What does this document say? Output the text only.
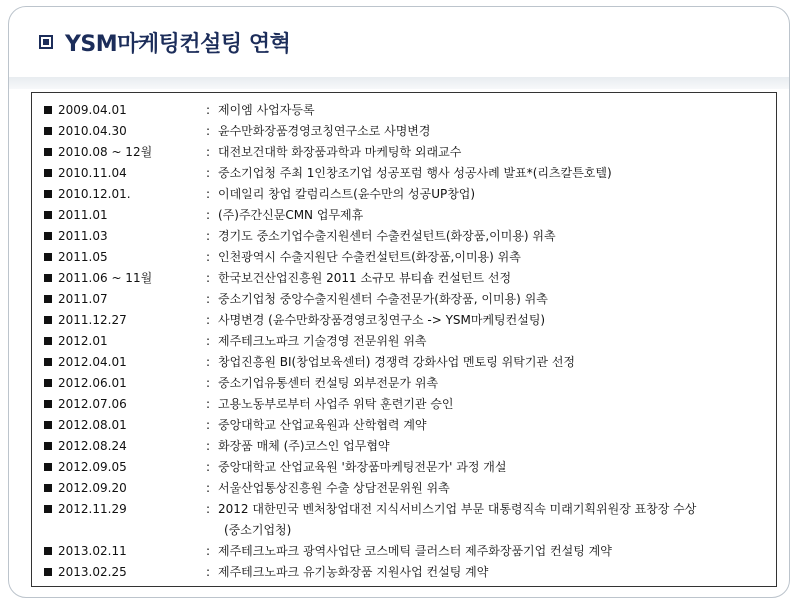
YSM마케팅컨설팅 연혁
2009.04.01	: 제이엠 사업자등록
2010.04.30	: 윤수만화장품경영코칭연구소로 사명변경
2010.08 ~ 12월	: 대전보건대학 화장품과학과 마케팅학 외래교수
2010.11.04	: 중소기업청 주최 1인창조기업 성공포럼 행사 성공사례 발표*(리츠칼튼호텔)
2010.12.01.	: 이데일리 창업 칼럼리스트(윤수만의 성공UP창업)
2011.01	: (주)주간신문CMN 업무제휴
2011.03	: 경기도 중소기업수출지원센터 수출컨설턴트(화장품,이미용) 위촉
2011.05	: 인천광역시 수출지원단 수출컨설턴트(화장품,이미용) 위촉
2011.06 ~ 11월	: 한국보건산업진흥원 2011 소규모 뷰티숍 컨설턴트 선정
2011.07	: 중소기업청 중앙수출지원센터 수출전문가(화장품, 이미용) 위촉
2011.12.27	: 사명변경 (윤수만화장품경영코칭연구소 -> YSM마케팅컨설팅)
2012.01	: 제주테크노파크 기술경영 전문위원 위촉
2012.04.01	: 창업진흥원 BI(창업보육센터) 경쟁력 강화사업 멘토링 위탁기관 선정
2012.06.01	: 중소기업유통센터 컨설팅 외부전문가 위촉
2012.07.06	: 고용노동부로부터 사업주 위탁 훈련기관 승인
2012.08.01	: 중앙대학교 산업교육원과 산학협력 계약
2012.08.24	: 화장품 매체 (주)코스인 업무협약
2012.09.05	: 중앙대학교 산업교육원 '화장품마케팅전문가' 과정 개설
2012.09.20	: 서울산업통상진흥원 수출 상담전문위원 위촉
2012.11.29	: 2012 대한민국 벤처창업대전 지식서비스기업 부문 대통령직속 미래기획위원장 표창장 수상
(중소기업청)
2013.02.11	: 제주테크노파크 광역사업단 코스메틱 클러스터 제주화장품기업 컨설팅 계약
2013.02.25	: 제주테크노파크 유기농화장품 지원사업 컨설팅 계약
